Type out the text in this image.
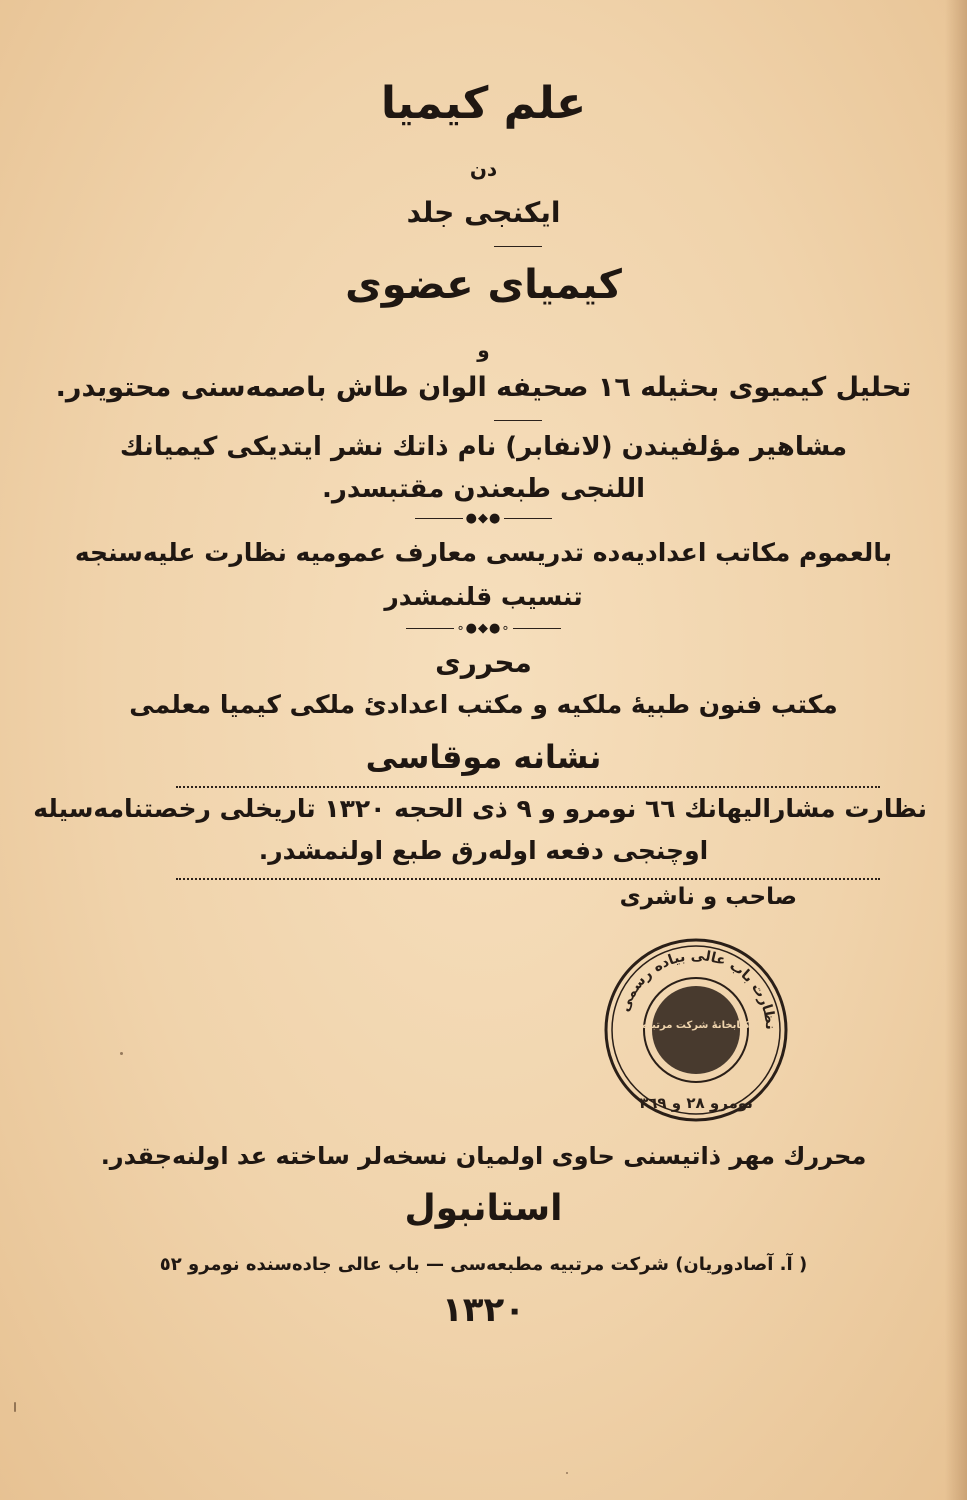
علم کیمیا
دن
ایکنجی جلد
کیمیای عضوی
و
تحلیل کیمیوی بحثیله ١٦ صحیفه الوان طاش باصمه‌سنی محتویدر.
مشاهیر مؤلفیندن (لانفابر) نام ذاتك نشر ایتدیکی کیمیانك
اللنجی طبعندن مقتبسدر.
●◆●
بالعموم مکاتب اعدادیه‌ده تدریسی معارف عمومیه نظارت علیه‌سنجه
تنسیب قلنمشدر
∘●◆●∘
محرری
مکتب فنون طبیهٔ ملکیه و مکتب اعدادیٔ ملکی کیمیا معلمی
نشانه موقاسی
نظارت مشارالیهانك ٦٦ نومرو و ٩ ذی الحجه ١٣٢٠ تاریخلی رخصتنامه‌سیله
اوچنجی دفعه اوله‌رق طبع اولنمشدر.
صاحب و ناشری
نظارت باب عالی بیاده رسمی
کتابخانهٔ شرکت مرتبیه
نومرو ٢٨ و ٣٦٩
محررك مهر ذاتیسنی حاوی اولمیان نسخه‌لر ساخته عد اولنه‌جقدر.
استانبول
( آ. آصادوریان) شرکت مرتبیه مطبعه‌سی — باب عالی جاده‌سنده نومرو ٥٢
١٣٢٠
